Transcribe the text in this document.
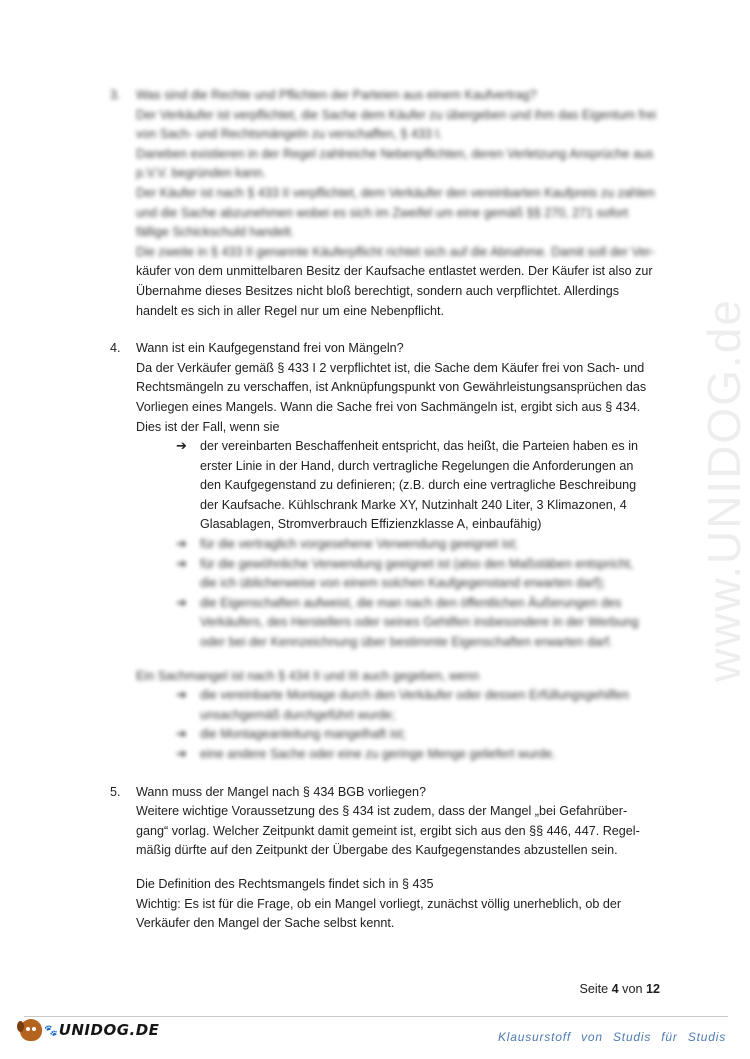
www.UNIDOG.de
3. Was sind die Rechte und Pflichten der Parteien aus einem Kaufvertrag?

Der Verkäufer ist verpflichtet, die Sache dem Käufer zu übergeben und ihm das Eigentum frei

von Sach- und Rechtsmängeln zu verschaffen, § 433 I.

Daneben existieren in der Regel zahlreiche Nebenpflichten, deren Verletzung Ansprüche aus

p.V.V. begründen kann.

Der Käufer ist nach § 433 II verpflichtet, dem Verkäufer den vereinbarten Kaufpreis zu zahlen

und die Sache abzunehmen wobei es sich im Zweifel um eine gemäß §§ 270, 271 sofort

fällige Schickschuld handelt.

Die zweite in § 433 II genannte Käuferpflicht richtet sich auf die Abnahme. Damit soll der Ver-

käufer von dem unmittelbaren Besitz der Kaufsache entlastet werden. Der Käufer ist also zur

Übernahme dieses Besitzes nicht bloß berechtigt, sondern auch verpflichtet. Allerdings

handelt es sich in aller Regel nur um eine Nebenpflicht.

4. Wann ist ein Kaufgegenstand frei von Mängeln?

Da der Verkäufer gemäß § 433 I 2 verpflichtet ist, die Sache dem Käufer frei von Sach- und

Rechtsmängeln zu verschaffen, ist Anknüpfungspunkt von Gewährleistungsansprüchen das

Vorliegen eines Mangels. Wann die Sache frei von Sachmängeln ist, ergibt sich aus § 434.

Dies ist der Fall, wenn sie

➔ der vereinbarten Beschaffenheit entspricht, das heißt, die Parteien haben es in
erster Linie in der Hand, durch vertragliche Regelungen die Anforderungen an
den Kaufgegenstand zu definieren; (z.B. durch eine vertragliche Beschreibung
der Kaufsache. Kühlschrank Marke XY, Nutzinhalt 240 Liter, 3 Klimazonen, 4
Glasablagen, Stromverbrauch Effizienzklasse A, einbaufähig)
➔ für die vertraglich vorgesehene Verwendung geeignet ist;
➔ für die gewöhnliche Verwendung geeignet ist (also den Maßstäben entspricht,
die ich üblicherweise von einem solchen Kaufgegenstand erwarten darf);
➔ die Eigenschaften aufweist, die man nach den öffentlichen Äußerungen des
Verkäufers, des Herstellers oder seines Gehilfen insbesondere in der Werbung
oder bei der Kennzeichnung über bestimmte Eigenschaften erwarten darf.

Ein Sachmangel ist nach § 434 II und III auch gegeben, wenn

➔ die vereinbarte Montage durch den Verkäufer oder dessen Erfüllungsgehilfen
unsachgemäß durchgeführt wurde;
➔ die Montageanleitung mangelhaft ist;
➔ eine andere Sache oder eine zu geringe Menge geliefert wurde.
5. Wann muss der Mangel nach § 434 BGB vorliegen?

Weitere wichtige Voraussetzung des § 434 ist zudem, dass der Mangel „bei Gefahrüber-

gang“ vorlag. Welcher Zeitpunkt damit gemeint ist, ergibt sich aus den §§ 446, 447. Regel-

mäßig dürfte auf den Zeitpunkt der Übergabe des Kaufgegenstandes abzustellen sein.

Die Definition des Rechtsmangels findet sich in § 435

Wichtig: Es ist für die Frage, ob ein Mangel vorliegt, zunächst völlig unerheblich, ob der

Verkäufer den Mangel der Sache selbst kennt.

Seite 4 von 12
🐾 UNIDOG.DE	Klausurstoff von Studis für Studis
